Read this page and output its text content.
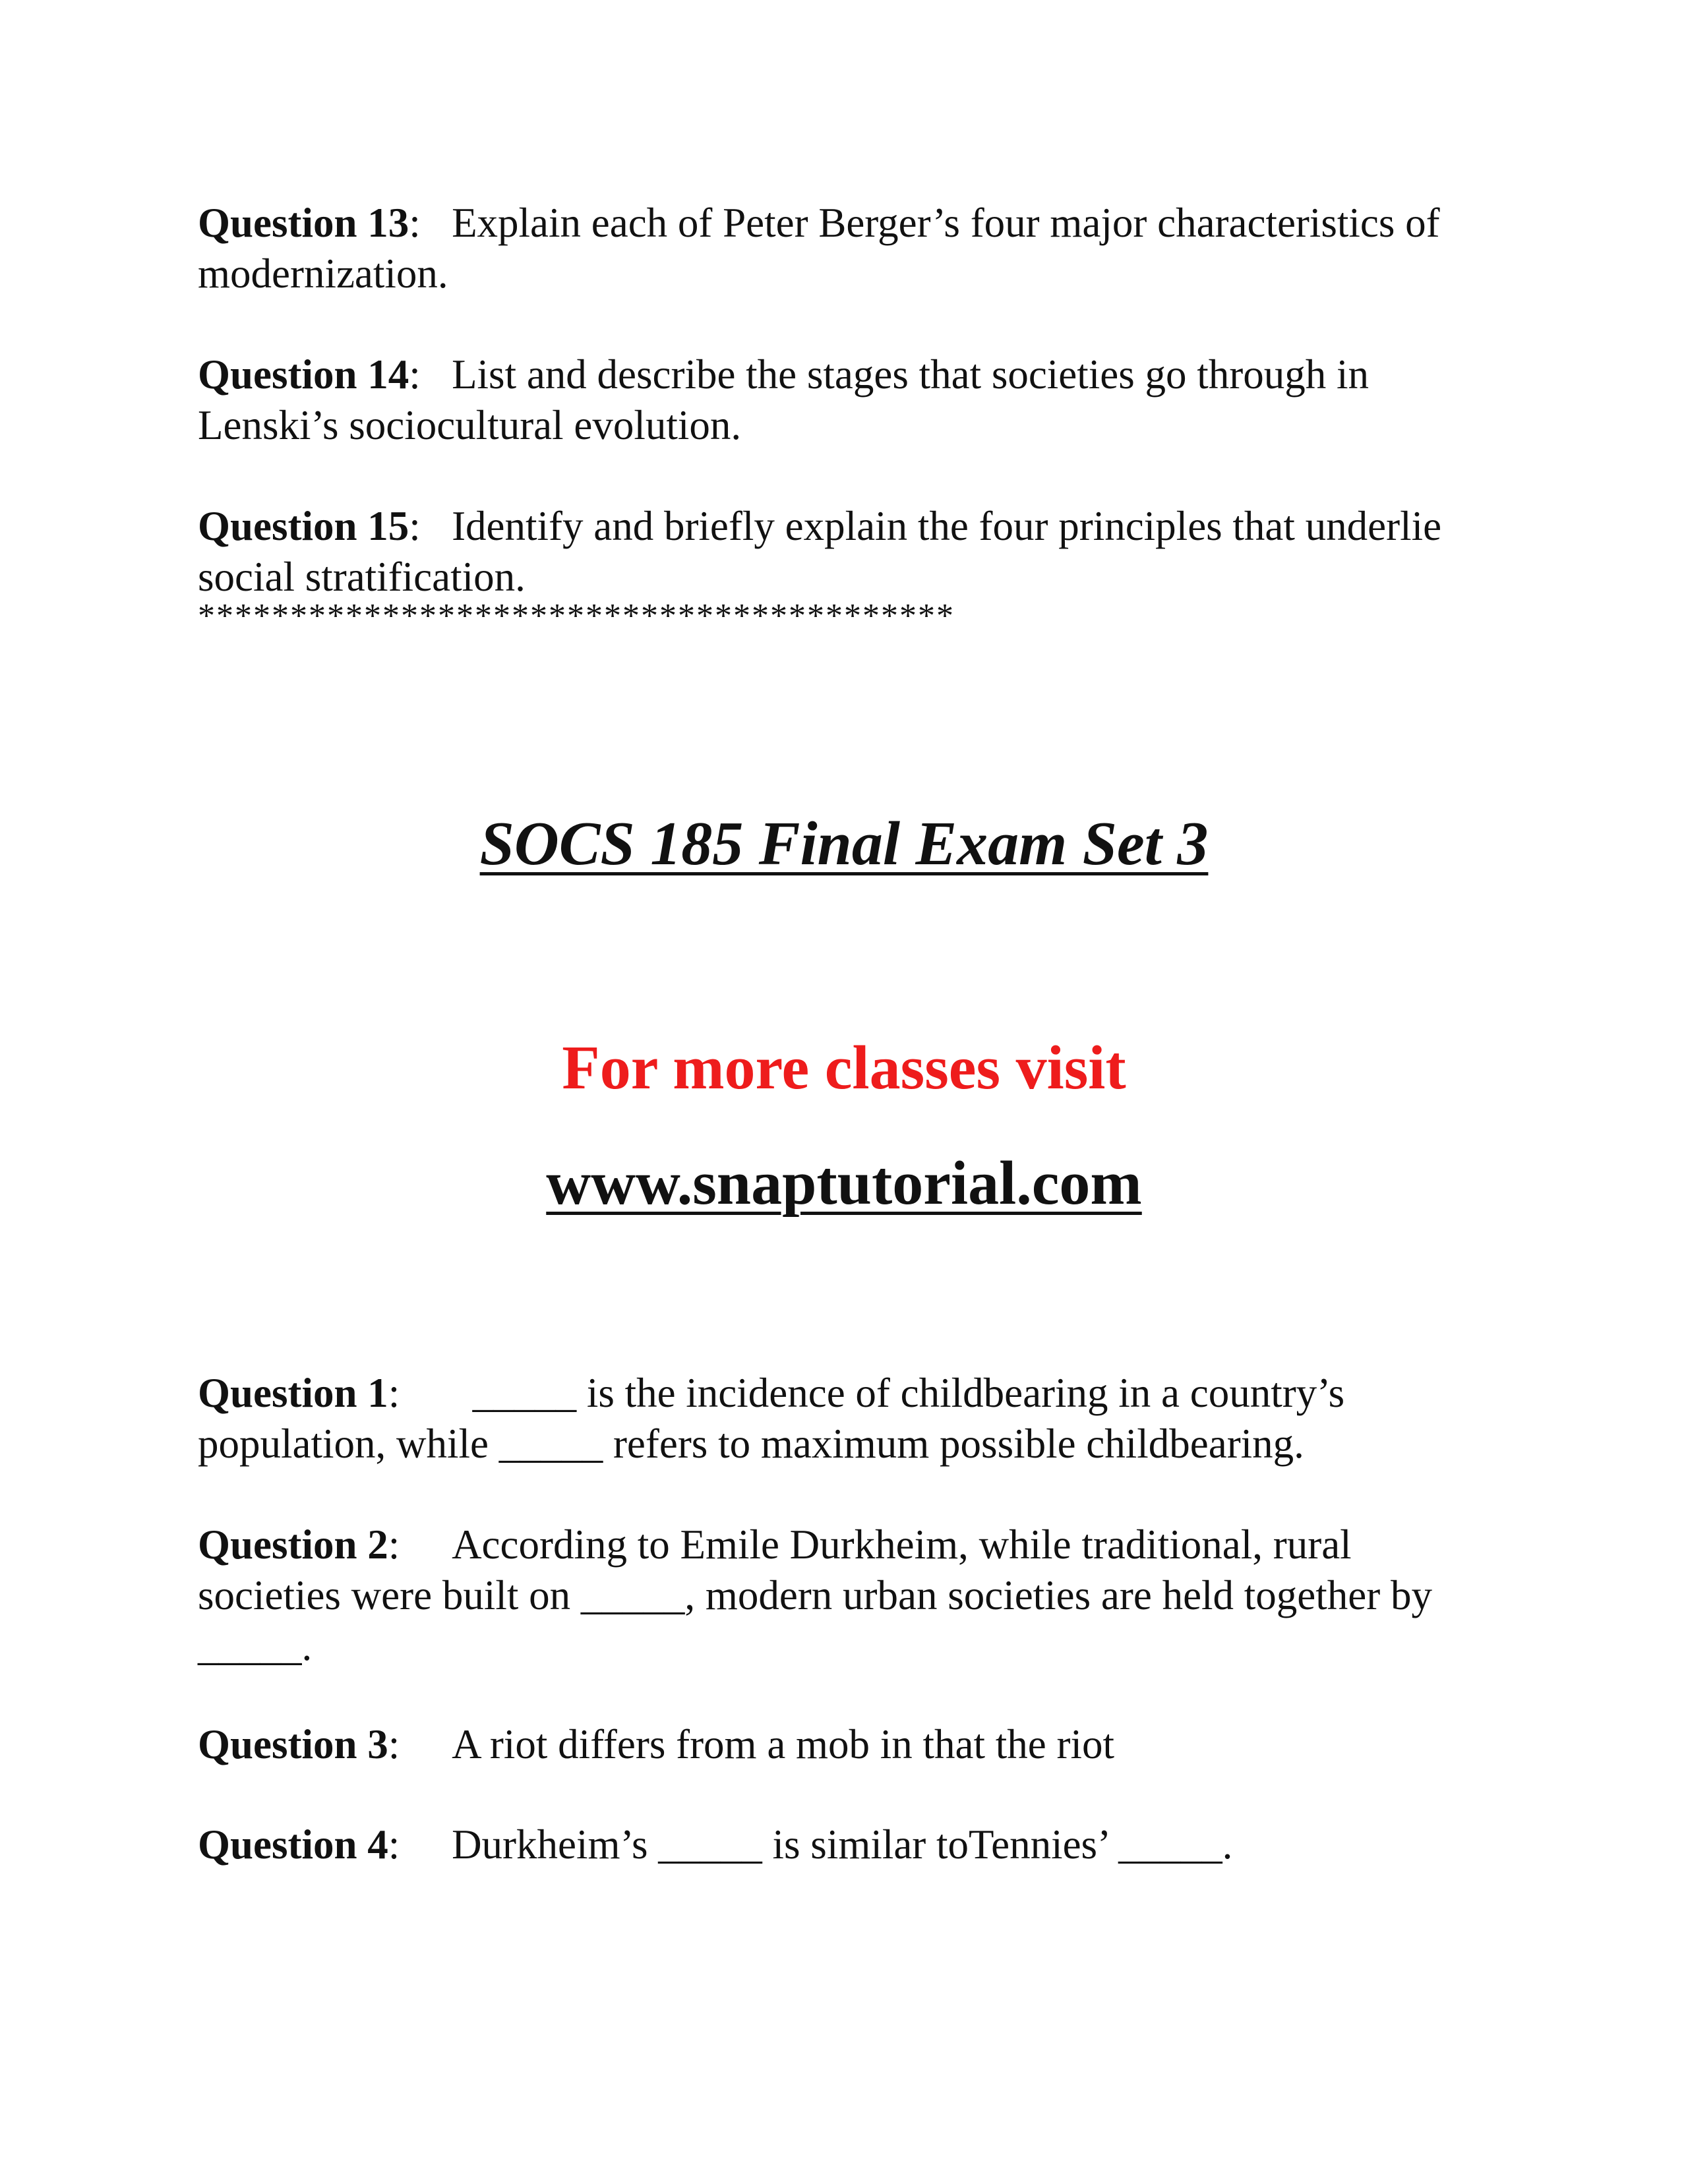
Question 13: Explain each of Peter Berger’s four major characteristics of modernization.

Question 14: List and describe the stages that societies go through in Lenski’s sociocultural evolution.

Question 15: Identify and briefly explain the four principles that underlie social stratification.

*****************************************

SOCS 185 Final Exam Set 3

For more classes visit

www.snaptutorial.com

Question 1: _____ is the incidence of childbearing in a country’s population, while _____ refers to maximum possible childbearing.

Question 2: According to Emile Durkheim, while traditional, rural societies were built on _____, modern urban societies are held together by _____.

Question 3: A riot differs from a mob in that the riot

Question 4: Durkheim’s _____ is similar toTennies’ _____.
